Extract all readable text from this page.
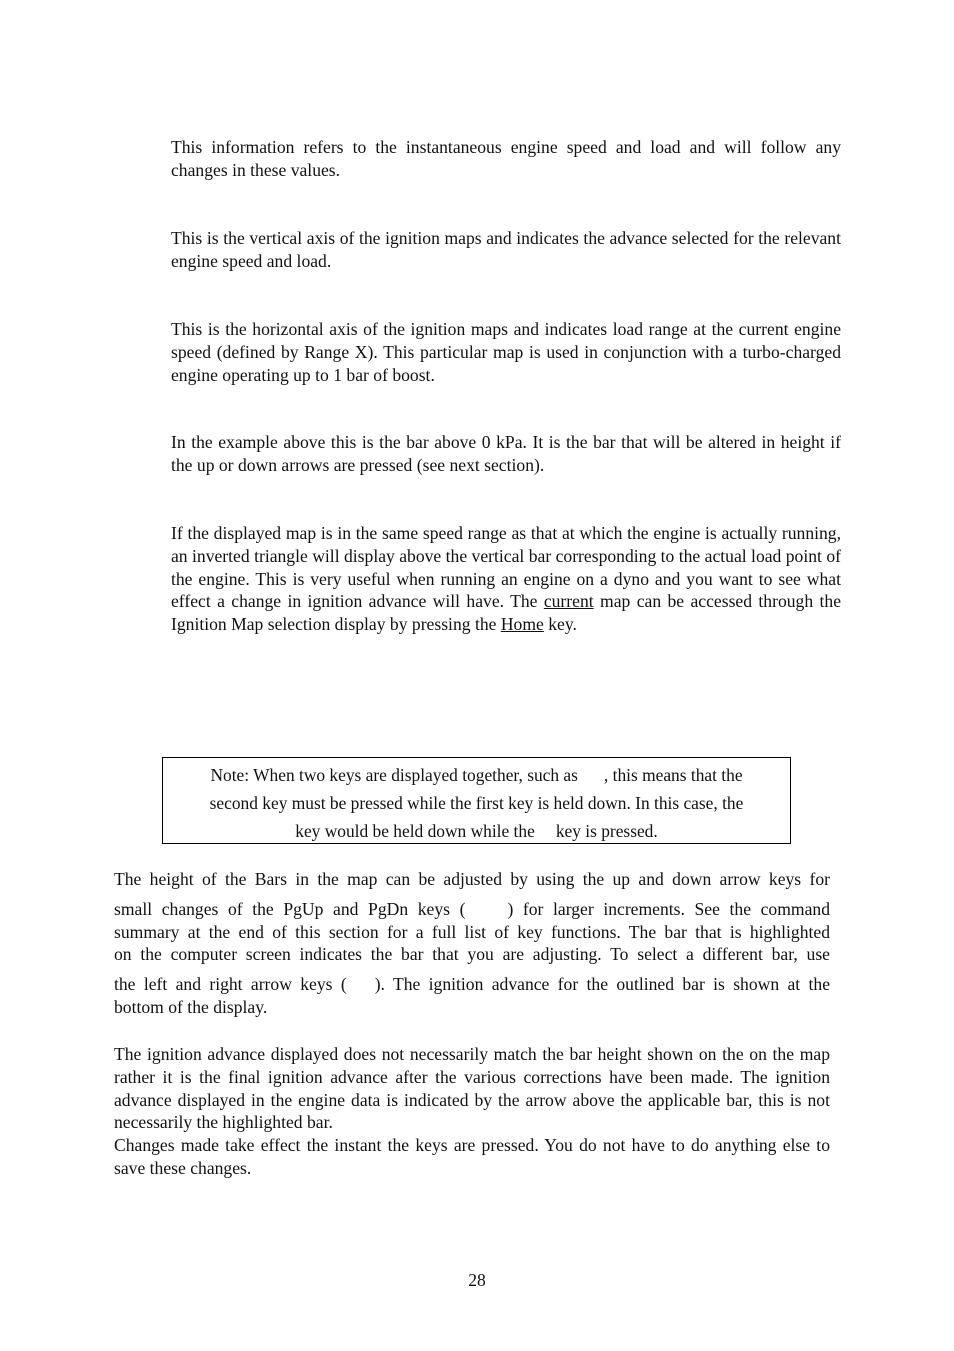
This information refers to the instantaneous engine speed and load and will follow any changes in these values.

This is the vertical axis of the ignition maps and indicates the advance selected for the relevant engine speed and load.

This is the horizontal axis of the ignition maps and indicates load range at the current engine speed (defined by Range X). This particular map is used in conjunction with a turbo-charged engine operating up to 1 bar of boost.

In the example above this is the bar above 0 kPa. It is the bar that will be altered in height if the up or down arrows are pressed (see next section).

If the displayed map is in the same speed range as that at which the engine is actually running, an inverted triangle will display above the vertical bar corresponding to the actual load point of the engine. This is very useful when running an engine on a dyno and you want to see what effect a change in ignition advance will have. The current map can be accessed through the Ignition Map selection display by pressing the Home key.

Note: When two keys are displayed together, such as , this means that the
second key must be pressed while the first key is held down. In this case, the
key would be held down while the key is pressed.
The height of the Bars in the map can be adjusted by using the up and down arrow keys for
small changes of the PgUp and PgDn keys ( ) for larger increments. See the command
summary at the end of this section for a full list of key functions. The bar that is highlighted
on the computer screen indicates the bar that you are adjusting. To select a different bar, use
the left and right arrow keys ( ). The ignition advance for the outlined bar is shown at the
bottom of the display.

The ignition advance displayed does not necessarily match the bar height shown on the on the map rather it is the final ignition advance after the various corrections have been made. The ignition advance displayed in the engine data is indicated by the arrow above the applicable bar, this is not necessarily the highlighted bar.

Changes made take effect the instant the keys are pressed. You do not have to do anything else to save these changes.

28
